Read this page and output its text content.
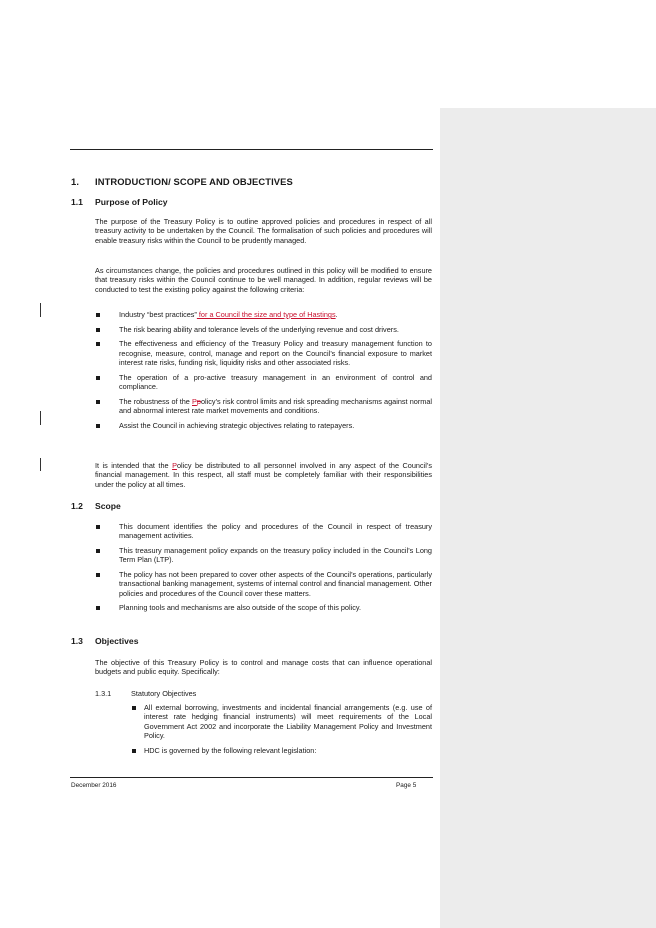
1. INTRODUCTION/ SCOPE AND OBJECTIVES
1.1 Purpose of Policy
The purpose of the Treasury Policy is to outline approved policies and procedures in respect of all treasury activity to be undertaken by the Council. The formalisation of such policies and procedures will enable treasury risks within the Council to be prudently managed.
As circumstances change, the policies and procedures outlined in this policy will be modified to ensure that treasury risks within the Council continue to be well managed. In addition, regular reviews will be conducted to test the existing policy against the following criteria:
Industry “best practices” for a Council the size and type of Hastings.
The risk bearing ability and tolerance levels of the underlying revenue and cost drivers.
The effectiveness and efficiency of the Treasury Policy and treasury management function to recognise, measure, control, manage and report on the Council’s financial exposure to market interest rate risks, funding risk, liquidity risks and other associated risks.
The operation of a pro-active treasury management in an environment of control and compliance.
The robustness of the Ppolicy’s risk control limits and risk spreading mechanisms against normal and abnormal interest rate market movements and conditions.
Assist the Council in achieving strategic objectives relating to ratepayers.
It is intended that the Policy be distributed to all personnel involved in any aspect of the Council’s financial management. In this respect, all staff must be completely familiar with their responsibilities under the policy at all times.
1.2 Scope
This document identifies the policy and procedures of the Council in respect of treasury management activities.
This treasury management policy expands on the treasury policy included in the Council’s Long Term Plan (LTP).
The policy has not been prepared to cover other aspects of the Council’s operations, particularly transactional banking management, systems of internal control and financial management. Other policies and procedures of the Council cover these matters.
Planning tools and mechanisms are also outside of the scope of this policy.
1.3 Objectives
The objective of this Treasury Policy is to control and manage costs that can influence operational budgets and public equity. Specifically:
1.3.1	Statutory Objectives
All external borrowing, investments and incidental financial arrangements (e.g. use of interest rate hedging financial instruments) will meet requirements of the Local Government Act 2002 and incorporate the Liability Management Policy and Investment Policy.
HDC is governed by the following relevant legislation:
December 2016	Page 5
